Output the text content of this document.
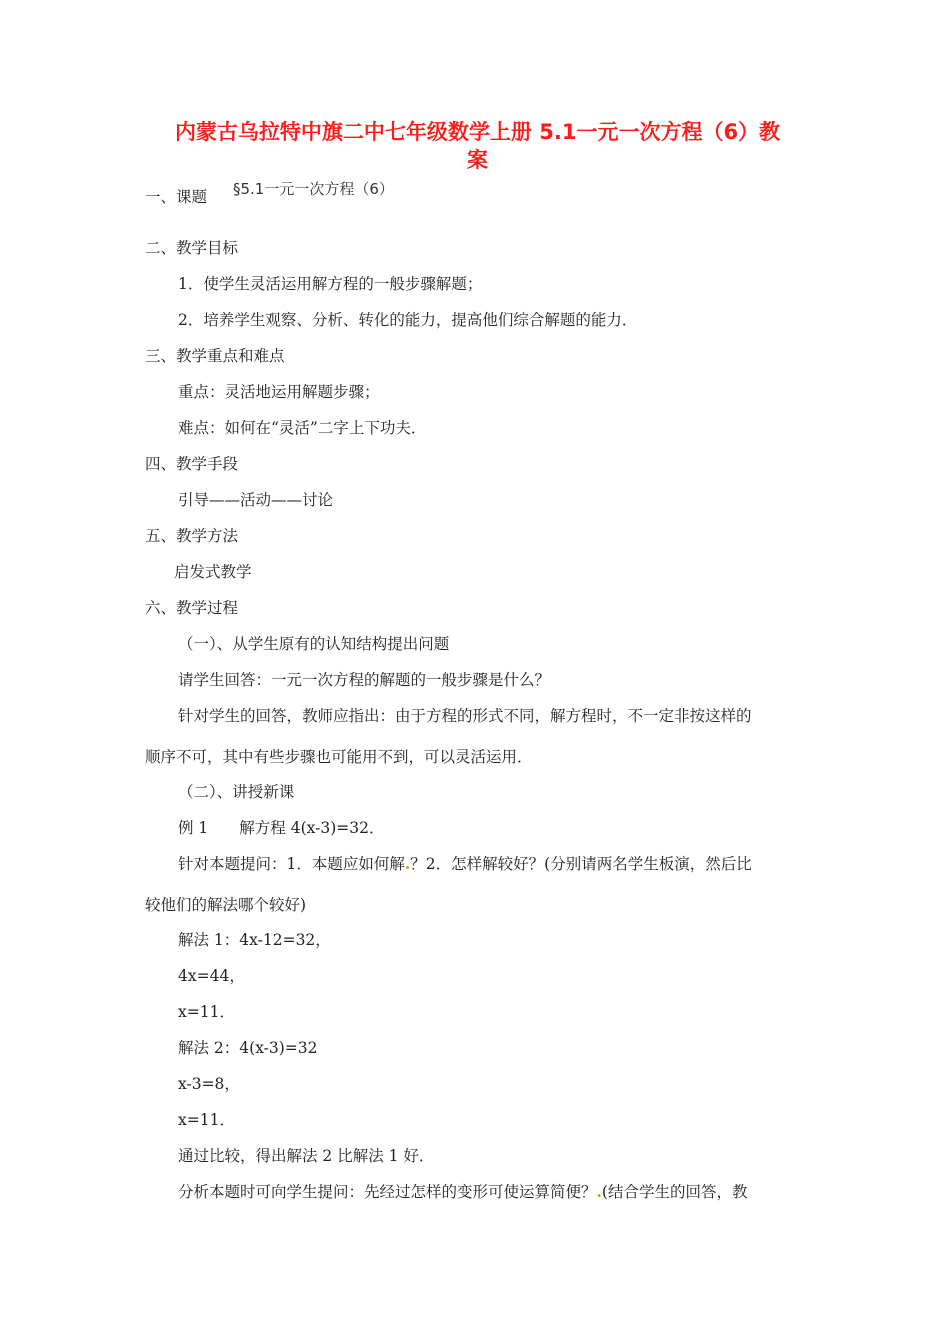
内蒙古乌拉特中旗二中七年级数学上册 5.1一元一次方程（6）教
案
一、课题 §5.1一元一次方程（6）
二、教学目标
1．使学生灵活运用解方程的一般步骤解题；
2．培养学生观察、分析、转化的能力，提高他们综合解题的能力．
三、教学重点和难点
重点：灵活地运用解题步骤；
难点：如何在“灵活”二字上下功夫．
四、教学手段
引导——活动——讨论
五、教学方法
启发式教学
六、教学过程
（一）、从学生原有的认知结构提出问题
请学生回答：一元一次方程的解题的一般步骤是什么？
针对学生的回答，教师应指出：由于方程的形式不同，解方程时，不一定非按这样的
顺序不可，其中有些步骤也可能用不到，可以灵活运用．
（二）、讲授新课
例 1　　解方程 4(x-3)=32．
针对本题提问：1．本题应如何解.？2．怎样解较好？(分别请两名学生板演，然后比
较他们的解法哪个较好)
解法 1：4x-12=32，
4x=44，
x=11．
解法 2：4(x-3)=32
x-3=8，
x=11．
通过比较，得出解法 2 比解法 1 好．
分析本题时可向学生提问：先经过怎样的变形可使运算简便？.(结合学生的回答，教
